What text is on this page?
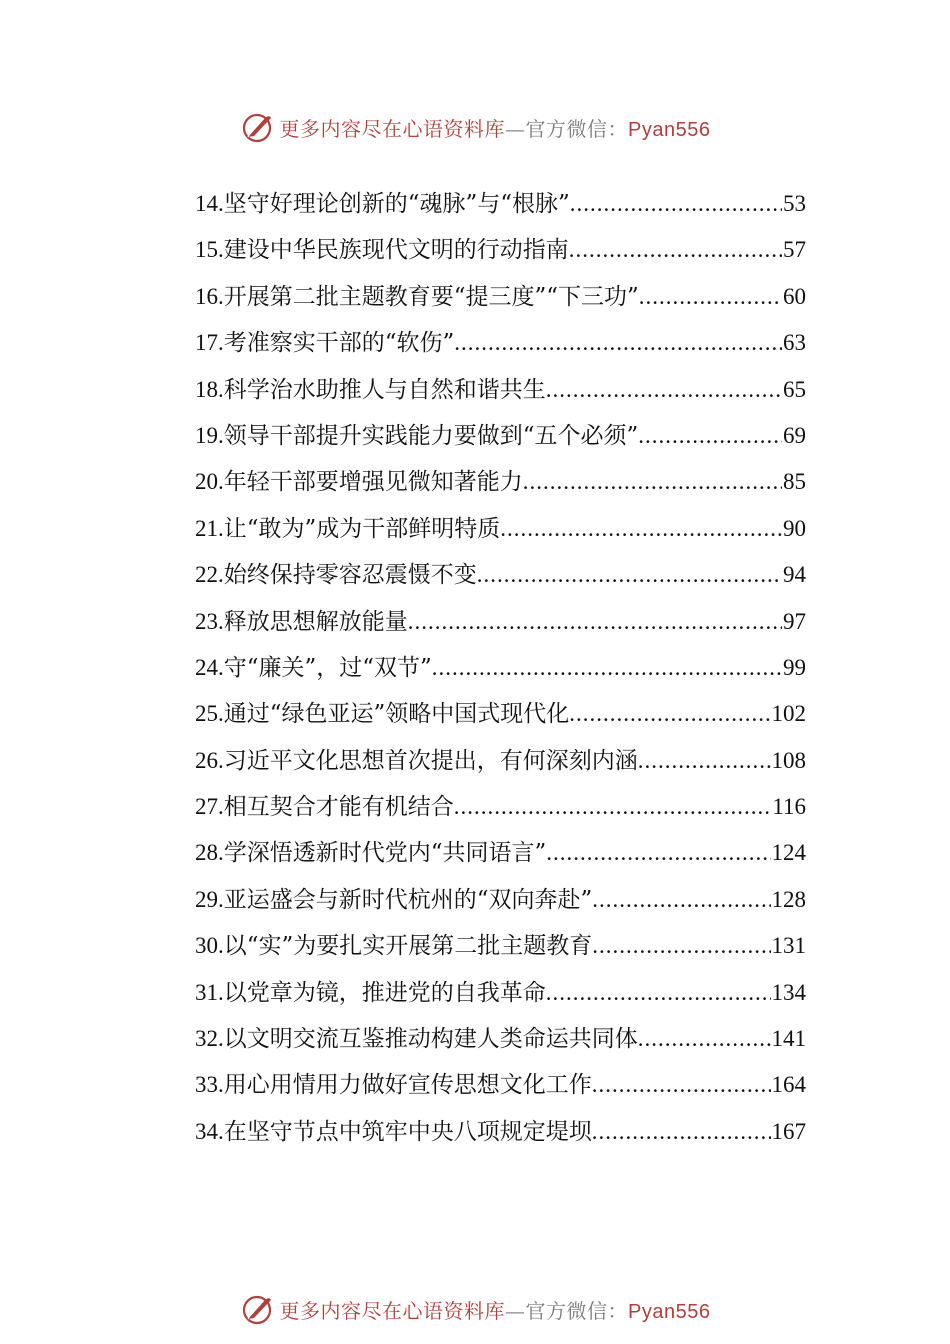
更多内容尽在心语资料库—官方微信：Pyan556
14. 坚守好理论创新的“魂脉”与“根脉” .....	53
15. 建设中华民族现代文明的行动指南 .....	57
16. 开展第二批主题教育要“提三度”“下三功” .....	60
17. 考准察实干部的“软伤” .....	63
18. 科学治水助推人与自然和谐共生 .....	65
19. 领导干部提升实践能力要做到“五个必须” .....	69
20. 年轻干部要增强见微知著能力 .....	85
21. 让“敢为”成为干部鲜明特质 .....	90
22. 始终保持零容忍震慑不变 .....	94
23. 释放思想解放能量 .....	97
24. 守“廉关”，过“双节” .....	99
25. 通过“绿色亚运”领略中国式现代化 .....	102
26. 习近平文化思想首次提出，有何深刻内涵 .....	108
27. 相互契合才能有机结合 .....	116
28. 学深悟透新时代党内“共同语言” .....	124
29. 亚运盛会与新时代杭州的“双向奔赴” .....	128
30. 以“实”为要扎实开展第二批主题教育 .....	131
31. 以党章为镜，推进党的自我革命 .....	134
32. 以文明交流互鉴推动构建人类命运共同体 .....	141
33. 用心用情用力做好宣传思想文化工作 .....	164
34. 在坚守节点中筑牢中央八项规定堤坝 .....	167
更多内容尽在心语资料库—官方微信：Pyan556
